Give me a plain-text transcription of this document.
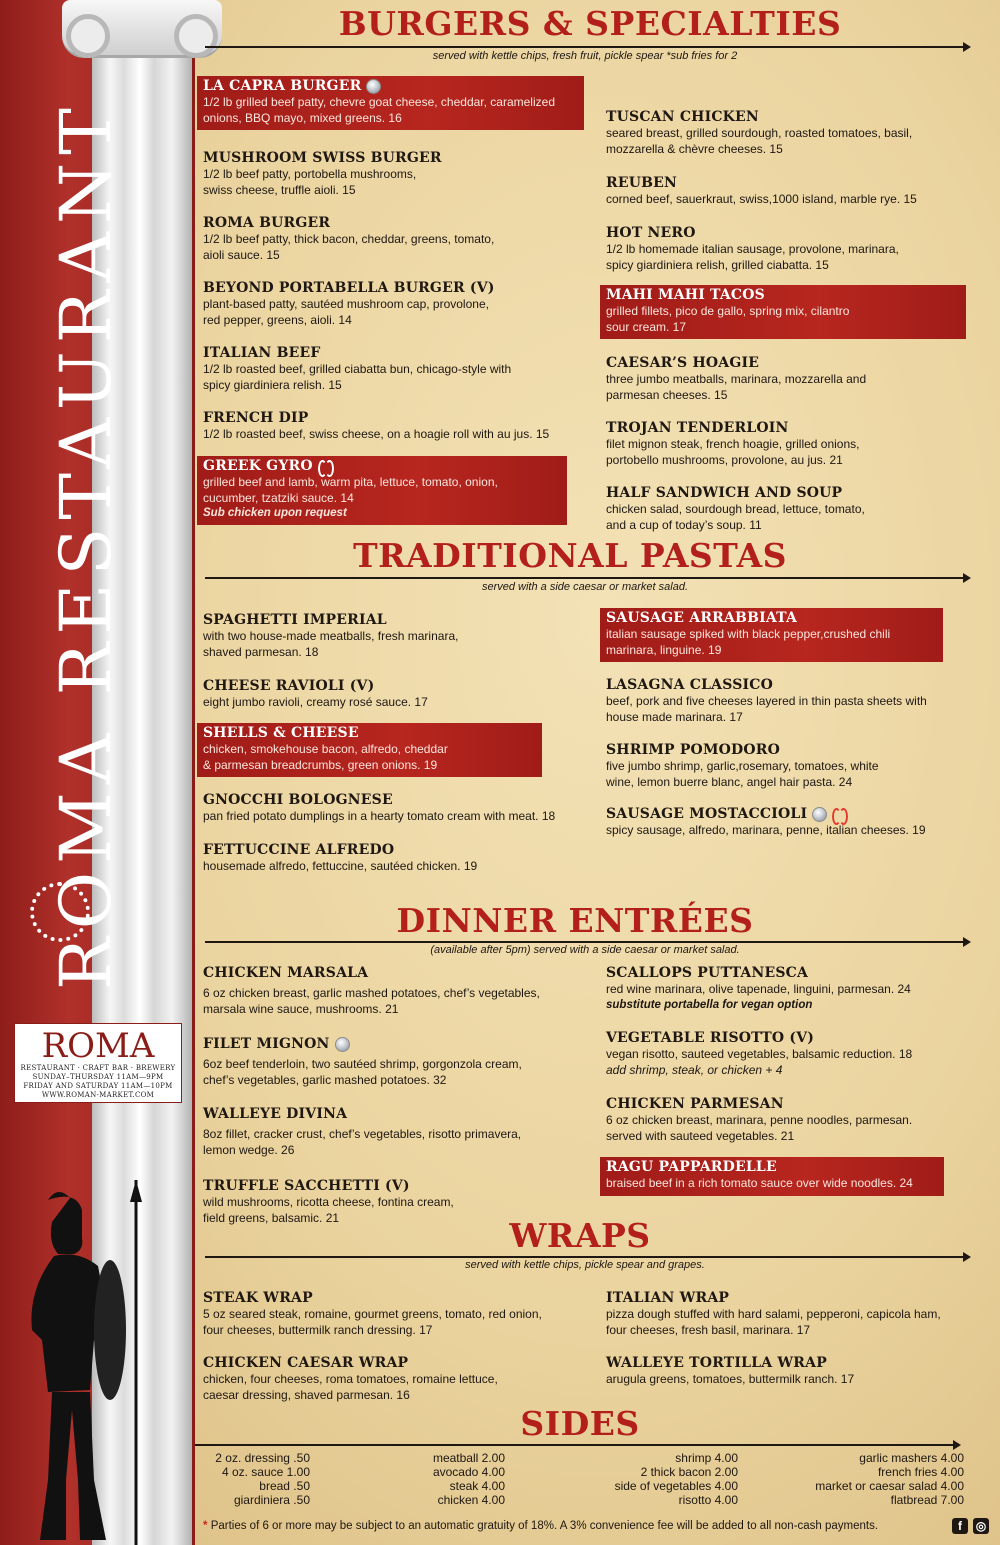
ROMA RESTAURANT
ROMA
RESTAURANT · CRAFT BAR · BREWERY
SUNDAY–THURSDAY 11AM—9PM
FRIDAY AND SATURDAY 11AM—10PM
WWW.ROMAN-MARKET.COM
BURGERS & SPECIALTIES
served with kettle chips, fresh fruit, pickle spear *sub fries for 2
LA CAPRA BURGER
1/2 lb grilled beef patty, chevre goat cheese, cheddar, caramelized
onions, BBQ mayo, mixed greens. 16
MUSHROOM SWISS BURGER
1/2 lb beef patty, portobella mushrooms,
swiss cheese, truffle aioli. 15
ROMA BURGER
1/2 lb beef patty, thick bacon, cheddar, greens, tomato,
aioli sauce. 15
BEYOND PORTABELLA BURGER (V)
plant-based patty, sautéed mushroom cap, provolone,
red pepper, greens, aioli. 14
ITALIAN BEEF
1/2 lb roasted beef, grilled ciabatta bun, chicago-style with
spicy giardiniera relish. 15
FRENCH DIP
1/2 lb roasted beef, swiss cheese, on a hoagie roll with au jus. 15
GREEK GYRO
grilled beef and lamb, warm pita, lettuce, tomato, onion,
cucumber, tzatziki sauce. 14
Sub chicken upon request
TUSCAN CHICKEN
seared breast, grilled sourdough, roasted tomatoes, basil,
mozzarella & chèvre cheeses. 15
REUBEN
corned beef, sauerkraut, swiss,1000 island, marble rye. 15
HOT NERO
1/2 lb homemade italian sausage, provolone, marinara,
spicy giardiniera relish, grilled ciabatta. 15
MAHI MAHI TACOS
grilled fillets, pico de gallo, spring mix, cilantro
sour cream. 17
CAESAR’S HOAGIE
three jumbo meatballs, marinara, mozzarella and
parmesan cheeses. 15
TROJAN TENDERLOIN
filet mignon steak, french hoagie, grilled onions,
portobello mushrooms, provolone, au jus. 21
HALF SANDWICH AND SOUP
chicken salad, sourdough bread, lettuce, tomato,
and a cup of today’s soup. 11
TRADITIONAL PASTAS
served with a side caesar or market salad.
SPAGHETTI IMPERIAL
with two house-made meatballs, fresh marinara,
shaved parmesan. 18
CHEESE RAVIOLI (V)
eight jumbo ravioli, creamy rosé sauce. 17
SHELLS & CHEESE
chicken, smokehouse bacon, alfredo, cheddar
& parmesan breadcrumbs, green onions. 19
GNOCCHI BOLOGNESE
pan fried potato dumplings in a hearty tomato cream with meat. 18
FETTUCCINE ALFREDO
housemade alfredo, fettuccine, sautéed chicken. 19
SAUSAGE ARRABBIATA
italian sausage spiked with black pepper,crushed chili
marinara, linguine. 19
LASAGNA CLASSICO
beef, pork and five cheeses layered in thin pasta sheets with
house made marinara. 17
SHRIMP POMODORO
five jumbo shrimp, garlic,rosemary, tomatoes, white
wine, lemon buerre blanc, angel hair pasta. 24
SAUSAGE MOSTACCIOLI
spicy sausage, alfredo, marinara, penne, italian cheeses. 19
DINNER ENTRÉES
(available after 5pm) served with a side caesar or market salad.
CHICKEN MARSALA
6 oz chicken breast, garlic mashed potatoes, chef’s vegetables,
marsala wine sauce, mushrooms. 21
FILET MIGNON
6oz beef tenderloin, two sautéed shrimp, gorgonzola cream,
chef’s vegetables, garlic mashed potatoes. 32
WALLEYE DIVINA
8oz fillet, cracker crust, chef’s vegetables, risotto primavera,
lemon wedge. 26
TRUFFLE SACCHETTI (V)
wild mushrooms, ricotta cheese, fontina cream,
field greens, balsamic. 21
SCALLOPS PUTTANESCA
red wine marinara, olive tapenade, linguini, parmesan. 24
substitute portabella for vegan option
VEGETABLE RISOTTO (V)
vegan risotto, sauteed vegetables, balsamic reduction. 18
add shrimp, steak, or chicken + 4
CHICKEN PARMESAN
6 oz chicken breast, marinara, penne noodles, parmesan.
served with sauteed vegetables. 21
RAGU PAPPARDELLE
braised beef in a rich tomato sauce over wide noodles. 24
WRAPS
served with kettle chips, pickle spear and grapes.
STEAK WRAP
5 oz seared steak, romaine, gourmet greens, tomato, red onion,
four cheeses, buttermilk ranch dressing. 17
CHICKEN CAESAR WRAP
chicken, four cheeses, roma tomatoes, romaine lettuce,
caesar dressing, shaved parmesan. 16
ITALIAN WRAP
pizza dough stuffed with hard salami, pepperoni, capicola ham,
four cheeses, fresh basil, marinara. 17
WALLEYE TORTILLA WRAP
arugula greens, tomatoes, buttermilk ranch. 17
SIDES
2 oz. dressing .50
4 oz. sauce 1.00
bread .50
giardiniera .50
meatball 2.00
avocado 4.00
steak 4.00
chicken 4.00
shrimp 4.00
2 thick bacon 2.00
side of vegetables 4.00
risotto 4.00
garlic mashers 4.00
french fries 4.00
market or caesar salad 4.00
flatbread 7.00
* Parties of 6 or more may be subject to an automatic gratuity of 18%. A 3% convenience fee will be added to all non-cash payments.	f	◎
